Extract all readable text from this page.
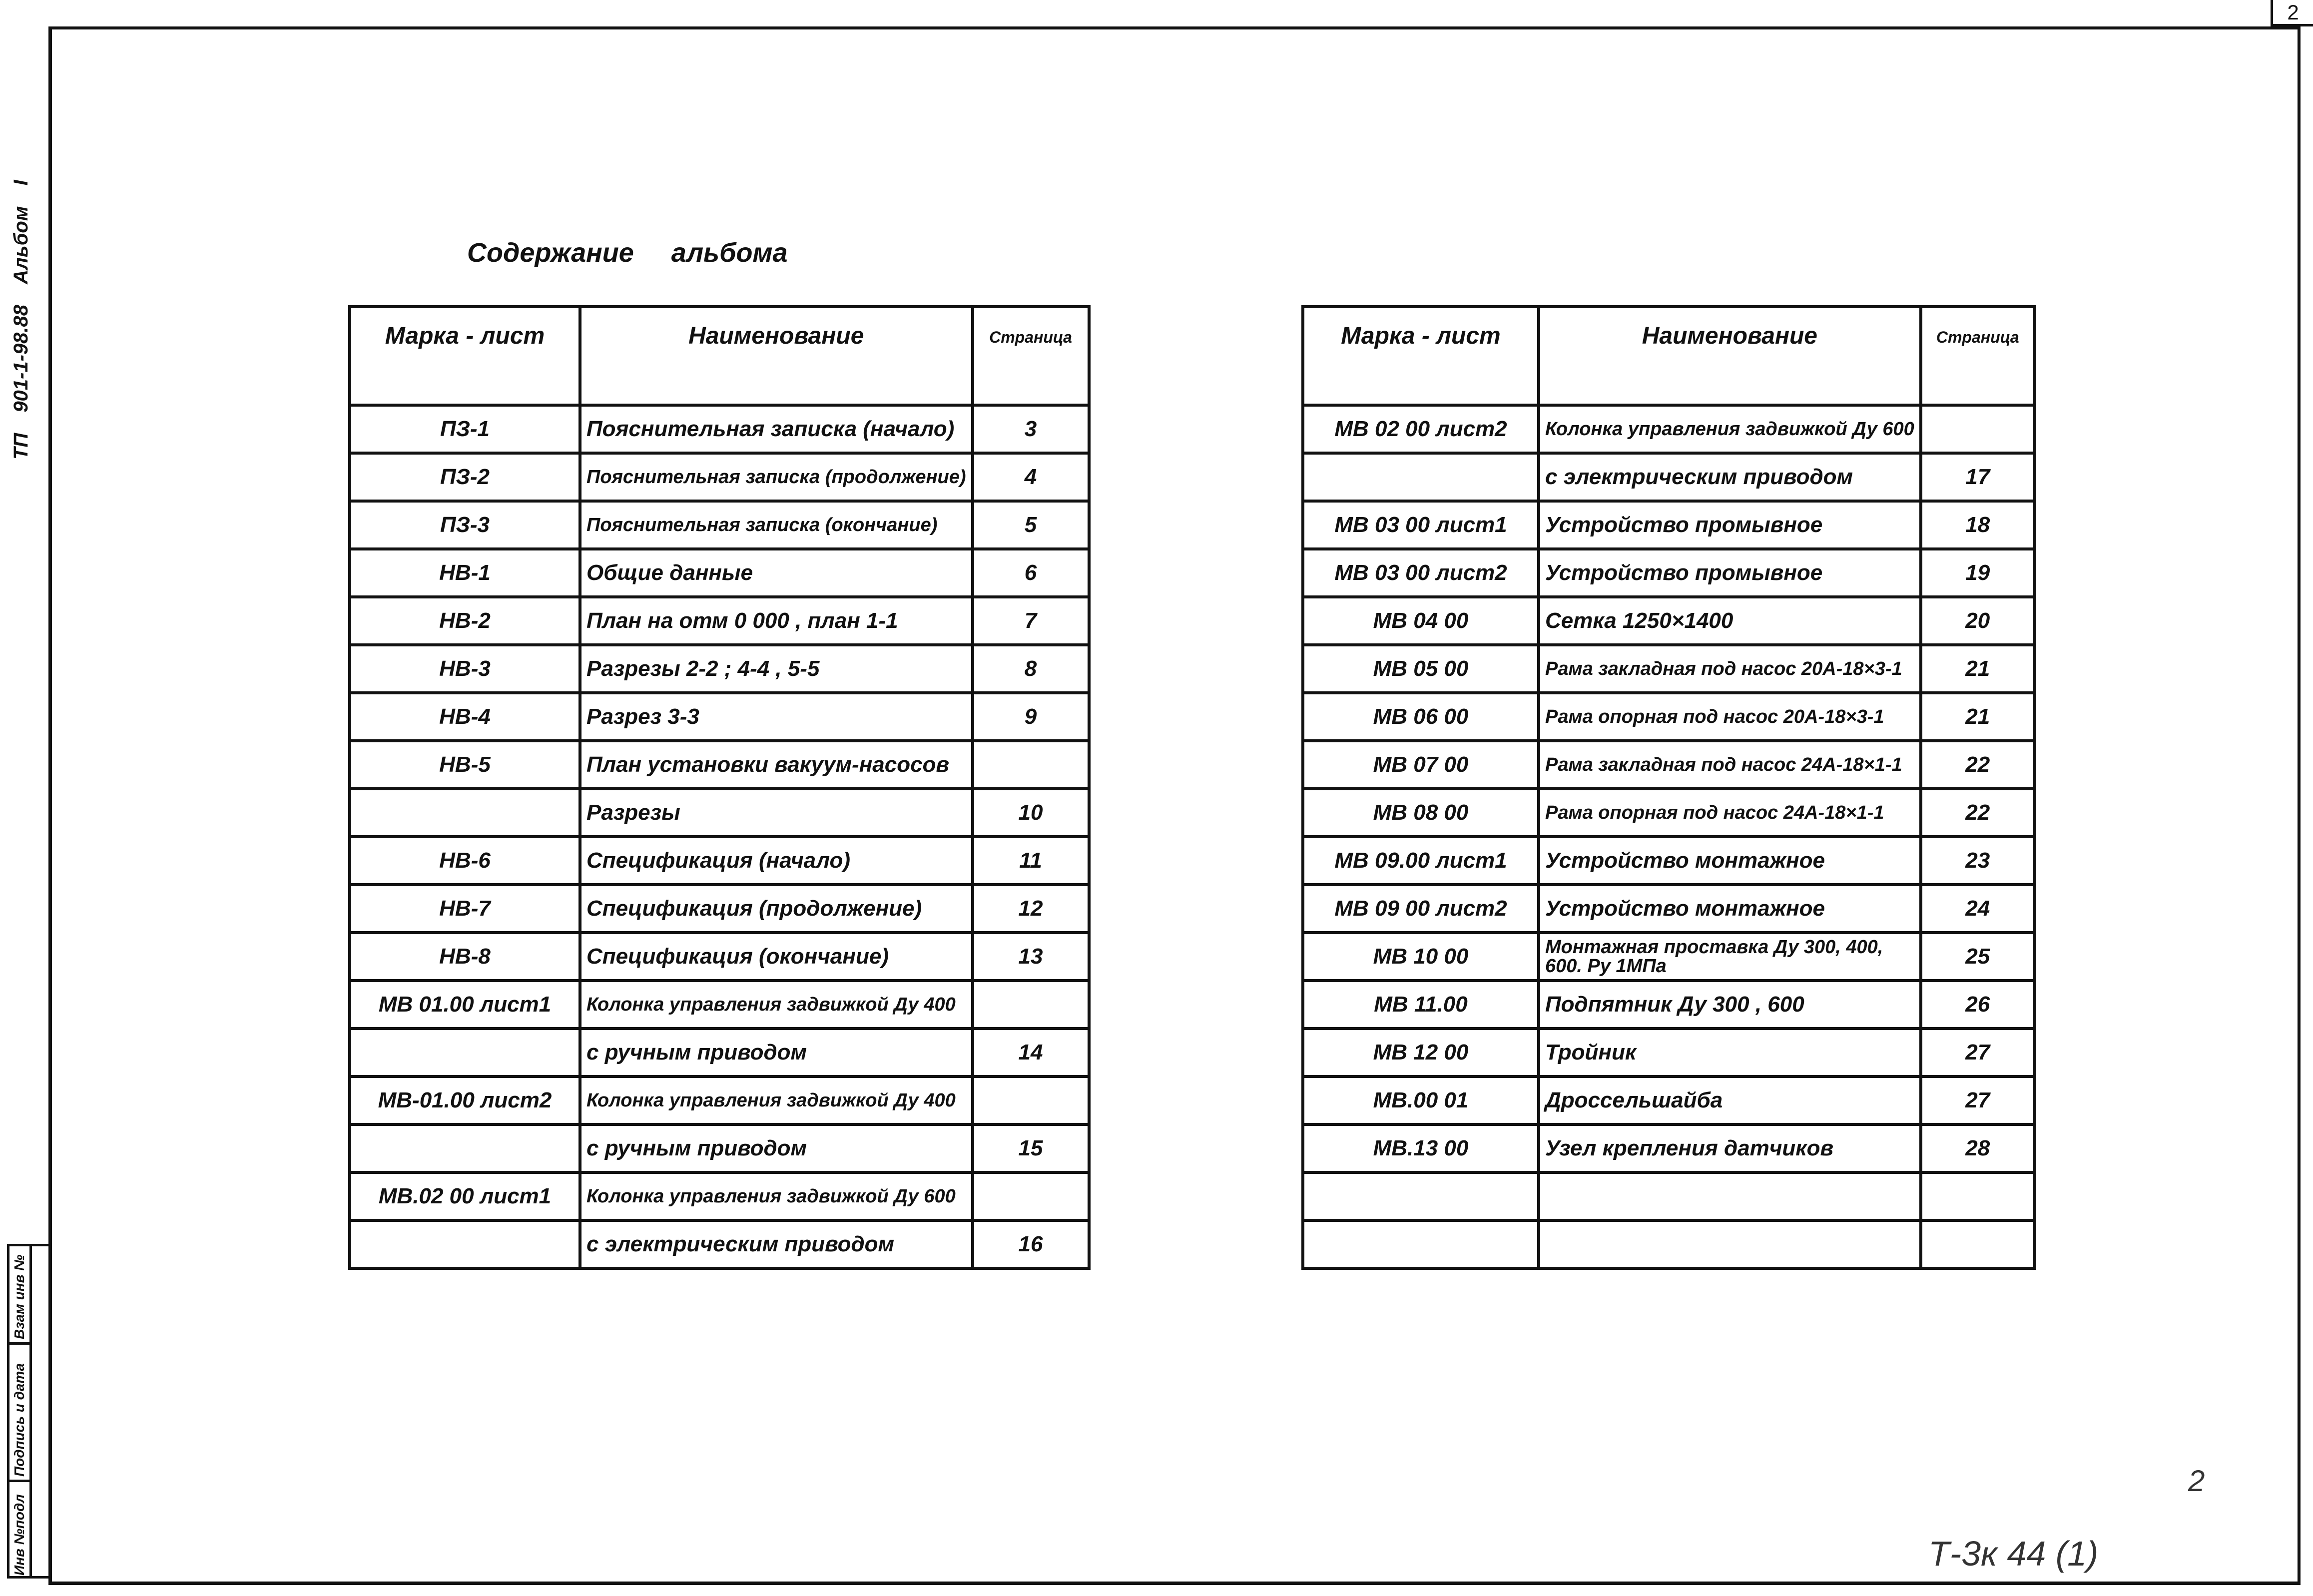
2
ТП 901-1-98.88 Альбом I	Содержание альбома
Марка - лист	Наименование	Страница
ПЗ-1	Пояснительная записка (начало)	3
ПЗ-2	Пояснительная записка (продолжение)	4
ПЗ-3	Пояснительная записка (окончание)	5
НВ-1	Общие данные	6
НВ-2	План на отм 0 000 , план 1-1	7
НВ-3	Разрезы 2-2 ; 4-4 , 5-5	8
НВ-4	Разрез 3-3	9
НВ-5	План установки вакуум-насосов	
	Разрезы	10
НВ-6	Спецификация (начало)	11
НВ-7	Спецификация (продолжение)	12
НВ-8	Спецификация (окончание)	13
МВ 01.00 лист1	Колонка управления задвижкой Ду 400	
	с ручным приводом	14
МВ-01.00 лист2	Колонка управления задвижкой Ду 400	
	с ручным приводом	15
МВ.02 00 лист1	Колонка управления задвижкой Ду 600	
	с электрическим приводом	16
Марка - лист	Наименование	Страница
МВ 02 00 лист2	Колонка управления задвижкой Ду 600	
	с электрическим приводом	17
МВ 03 00 лист1	Устройство промывное	18
МВ 03 00 лист2	Устройство промывное	19
МВ 04 00	Сетка 1250×1400	20
МВ 05 00	Рама закладная под насос 20А-18×3-1	21
МВ 06 00	Рама опорная под насос 20А-18×3-1	21
МВ 07 00	Рама закладная под насос 24А-18×1-1	22
МВ 08 00	Рама опорная под насос 24А-18×1-1	22
МВ 09.00 лист1	Устройство монтажное	23
МВ 09 00 лист2	Устройство монтажное	24
МВ 10 00	Монтажная проставка Ду 300, 400, 600. Ру 1МПа	25
МВ 11.00	Подпятник Ду 300 , 600	26
МВ 12 00	Тройник	27
МВ.00 01	Дроссельшайба	27
МВ.13 00	Узел крепления датчиков	28

Взам инв №
Подпись и дата
Инв №подл	Т-3к 44 (1)
2
